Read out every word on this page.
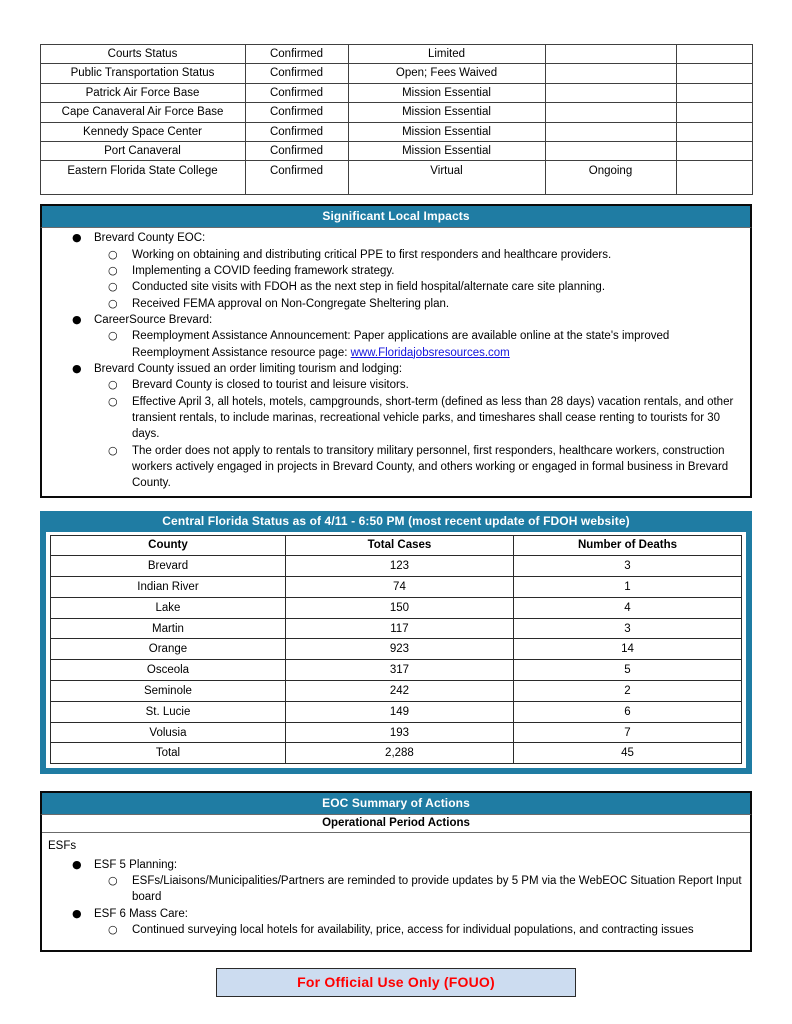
Courts Status	Confirmed	Limited		
Public Transportation Status	Confirmed	Open; Fees Waived		
Patrick Air Force Base	Confirmed	Mission Essential		
Cape Canaveral Air Force Base	Confirmed	Mission Essential		
Kennedy Space Center	Confirmed	Mission Essential		
Port Canaveral	Confirmed	Mission Essential		
Eastern Florida State College	Confirmed	Virtual	Ongoing	
Significant Local Impacts
●	Brevard County EOC:
○	Working on obtaining and distributing critical PPE to first responders and healthcare providers.
○	Implementing a COVID feeding framework strategy.
○	Conducted site visits with FDOH as the next step in field hospital/alternate care site planning.
○	Received FEMA approval on Non-Congregate Sheltering plan.
●	CareerSource Brevard:
○	Reemployment Assistance Announcement: Paper applications are available online at the state's improved Reemployment Assistance resource page: www.Floridajobsresources.com
●	Brevard County issued an order limiting tourism and lodging:
○	Brevard County is closed to tourist and leisure visitors.
○	Effective April 3, all hotels, motels, campgrounds, short-term (defined as less than 28 days) vacation rentals, and other transient rentals, to include marinas, recreational vehicle parks, and timeshares shall cease renting to tourists for 30 days.
○	The order does not apply to rentals to transitory military personnel, first responders, healthcare workers, construction workers actively engaged in projects in Brevard County, and others working or engaged in formal business in Brevard County.
Central Florida Status as of 4/11 - 6:50 PM (most recent update of FDOH website)
County	Total Cases	Number of Deaths
Brevard	123	3
Indian River	74	1
Lake	150	4
Martin	117	3
Orange	923	14
Osceola	317	5
Seminole	242	2
St. Lucie	149	6
Volusia	193	7
Total	2,288	45
EOC Summary of Actions
Operational Period Actions
ESFs
●	ESF 5 Planning:
○	ESFs/Liaisons/Municipalities/Partners are reminded to provide updates by 5 PM via the WebEOC Situation Report Input board
●	ESF 6 Mass Care:
○	Continued surveying local hotels for availability, price, access for individual populations, and contracting issues
For Official Use Only (FOUO)
